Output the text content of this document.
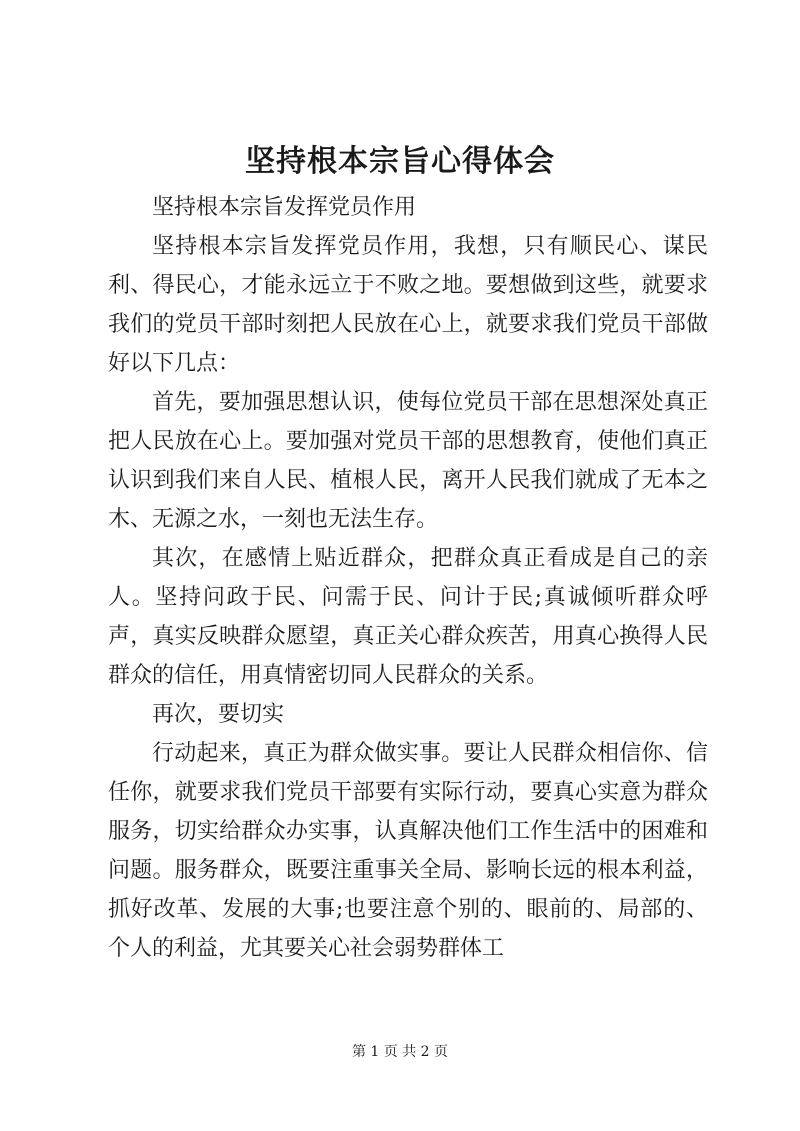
坚持根本宗旨心得体会

坚持根本宗旨发挥党员作用

坚持根本宗旨发挥党员作用，我想，只有顺民心、谋民利、得民心，才能永远立于不败之地。要想做到这些，就要求我们的党员干部时刻把人民放在心上，就要求我们党员干部做好以下几点：

首先，要加强思想认识，使每位党员干部在思想深处真正把人民放在心上。要加强对党员干部的思想教育，使他们真正认识到我们来自人民、植根人民，离开人民我们就成了无本之木、无源之水，一刻也无法生存。

其次，在感情上贴近群众，把群众真正看成是自己的亲人。坚持问政于民、问需于民、问计于民;真诚倾听群众呼声，真实反映群众愿望，真正关心群众疾苦，用真心换得人民群众的信任，用真情密切同人民群众的关系。

再次，要切实

行动起来，真正为群众做实事。要让人民群众相信你、信任你，就要求我们党员干部要有实际行动，要真心实意为群众服务，切实给群众办实事，认真解决他们工作生活中的困难和问题。服务群众，既要注重事关全局、影响长远的根本利益，抓好改革、发展的大事;也要注意个别的、眼前的、局部的、个人的利益，尤其要关心社会弱势群体工

第 1 页 共 2 页
